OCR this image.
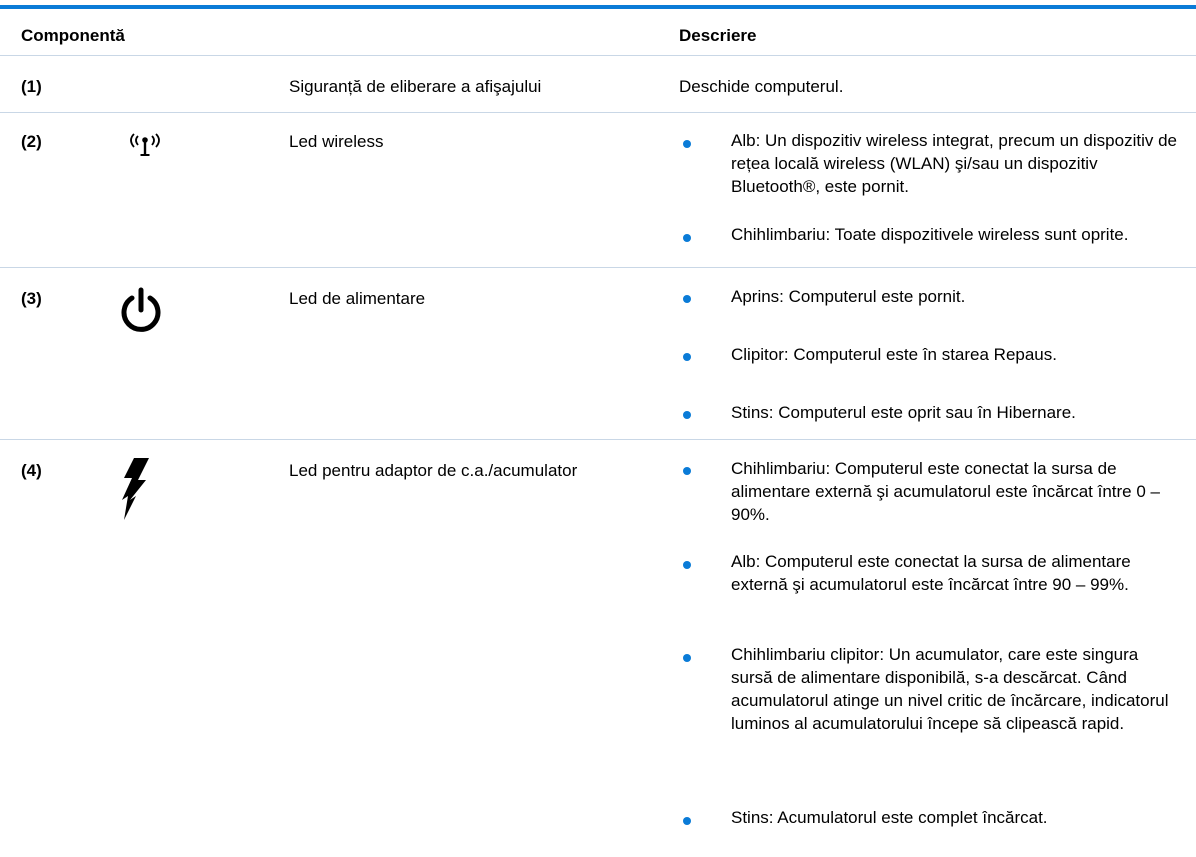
Componentă	Descriere
(1)	Siguranță de eliberare a afişajului	Deschide computerul.
(2)	Led wireless	Alb: Un dispozitiv wireless integrat, precum un dispozitiv de rețea locală wireless (WLAN) şi/sau un dispozitiv Bluetooth®, este pornit.
Chihlimbariu: Toate dispozitivele wireless sunt oprite.
(3)	Led de alimentare	Aprins: Computerul este pornit.
Clipitor: Computerul este în starea Repaus.
Stins: Computerul este oprit sau în Hibernare.
(4)	Led pentru adaptor de c.a./acumulator	Chihlimbariu: Computerul este conectat la sursa de alimentare externă şi acumulatorul este încărcat între 0 – 90%.
Alb: Computerul este conectat la sursa de alimentare externă şi acumulatorul este încărcat între 90 – 99%.
Chihlimbariu clipitor: Un acumulator, care este singura sursă de alimentare disponibilă, s-a descărcat. Când acumulatorul atinge un nivel critic de încărcare, indicatorul luminos al acumulatorului începe să clipească rapid.
Stins: Acumulatorul este complet încărcat.
